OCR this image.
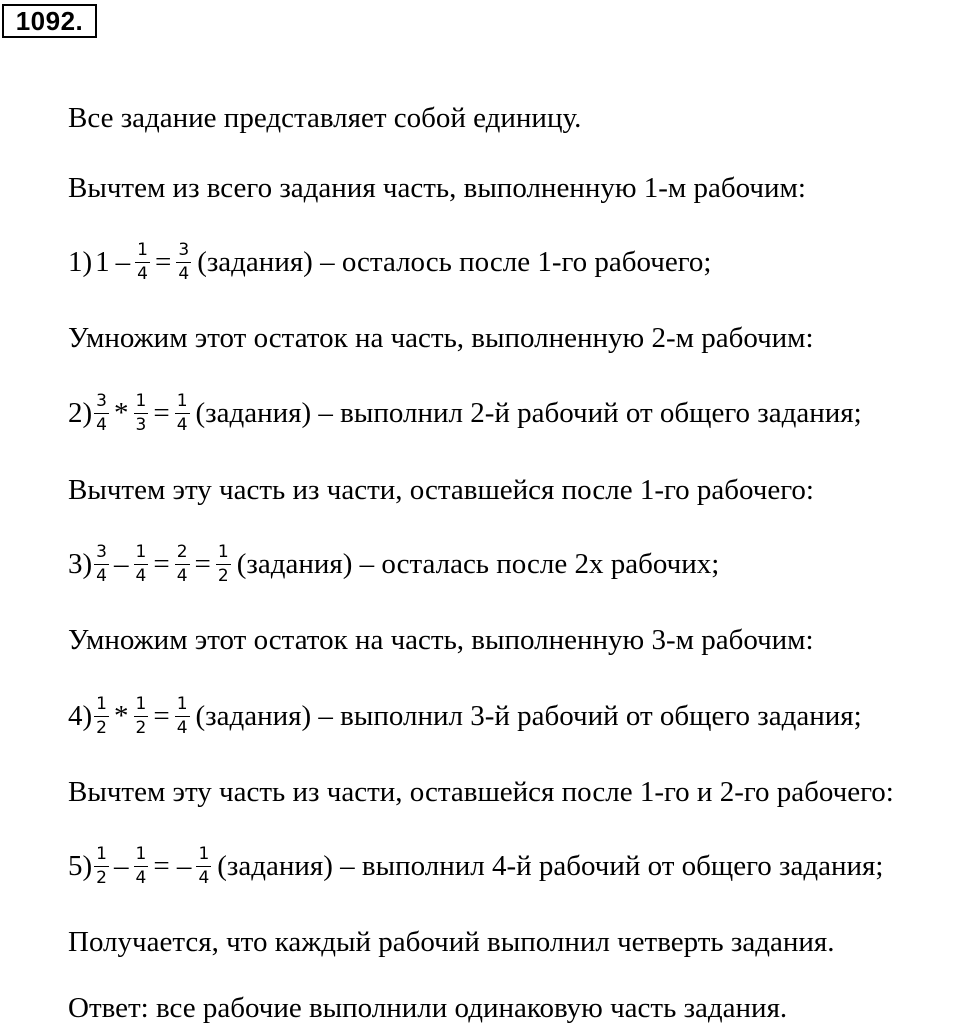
1092.
Все задание представляет собой единицу.
Вычтем из всего задания часть, выполненную 1-м рабочим:
1) $1 - \frac{1}{4} = \frac{3}{4}$ (задания) – осталось после 1-го рабочего;
Умножим этот остаток на часть, выполненную 2-м рабочим:
$2) \frac{3}{4} * \frac{1}{3} = \frac{1}{4}$ (задания) – выполнил 2-й рабочий от общего задания;
Вычтем эту часть из части, оставшейся после 1-го рабочего:
$3) \frac{3}{4} - \frac{1}{4} = \frac{2}{4} = \frac{1}{2}$ (задания) – осталась после 2х рабочих;
Умножим этот остаток на часть, выполненную 3-м рабочим:
$4) \frac{1}{2} * \frac{1}{2} = \frac{1}{4}$ (задания) – выполнил 3-й рабочий от общего задания;
Вычтем эту часть из части, оставшейся после 1-го и 2-го рабочего:
$5) \frac{1}{2} - \frac{1}{4}$ = – $\frac{1}{4}$ (задания) – выполнил 4-й рабочий от общего задания;
Получается, что каждый рабочий выполнил четверть задания.
Ответ: все рабочие выполнили одинаковую часть задания.
